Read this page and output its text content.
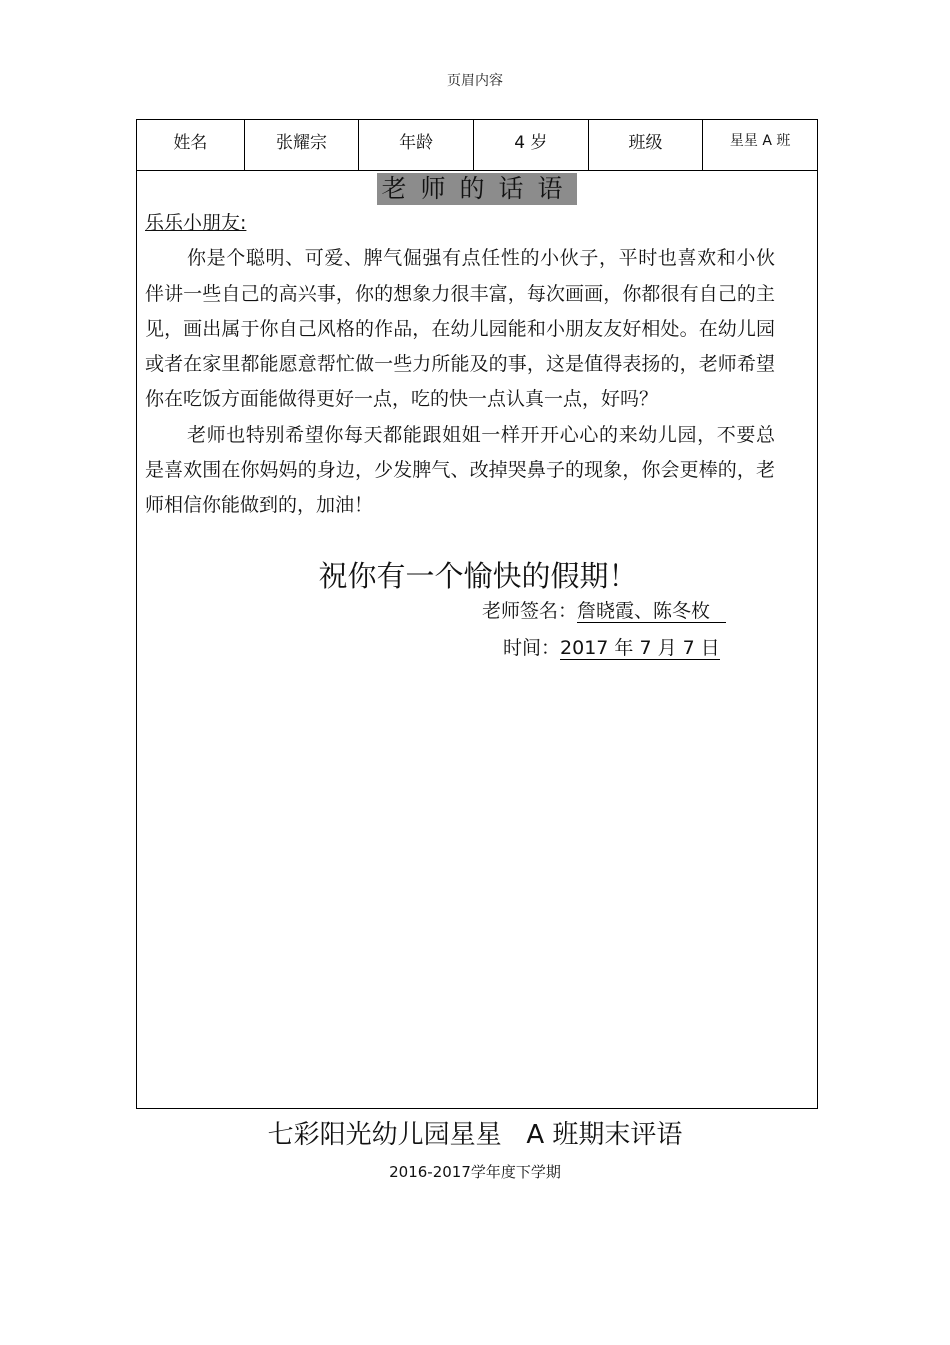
页眉内容
姓名	张耀宗	年龄	4 岁	班级	星星 A 班
老师的话语
乐乐小朋友:

你是个聪明、可爱、脾气倔强有点任性的小伙子，平时也喜欢和小伙伴讲一些自己的高兴事，你的想象力很丰富，每次画画，你都很有自己的主见，画出属于你自己风格的作品，在幼儿园能和小朋友友好相处。在幼儿园或者在家里都能愿意帮忙做一些力所能及的事，这是值得表扬的，老师希望你在吃饭方面能做得更好一点，吃的快一点认真一点，好吗？

老师也特别希望你每天都能跟姐姐一样开开心心的来幼儿园，不要总是喜欢围在你妈妈的身边，少发脾气、改掉哭鼻子的现象，你会更棒的，老师相信你能做到的，加油！

祝你有一个愉快的假期！
老师签名：詹晓霞、陈冬枚
时间：2017 年 7 月 7 日
七彩阳光幼儿园星星   A 班期末评语
2016-2017学年度下学期
